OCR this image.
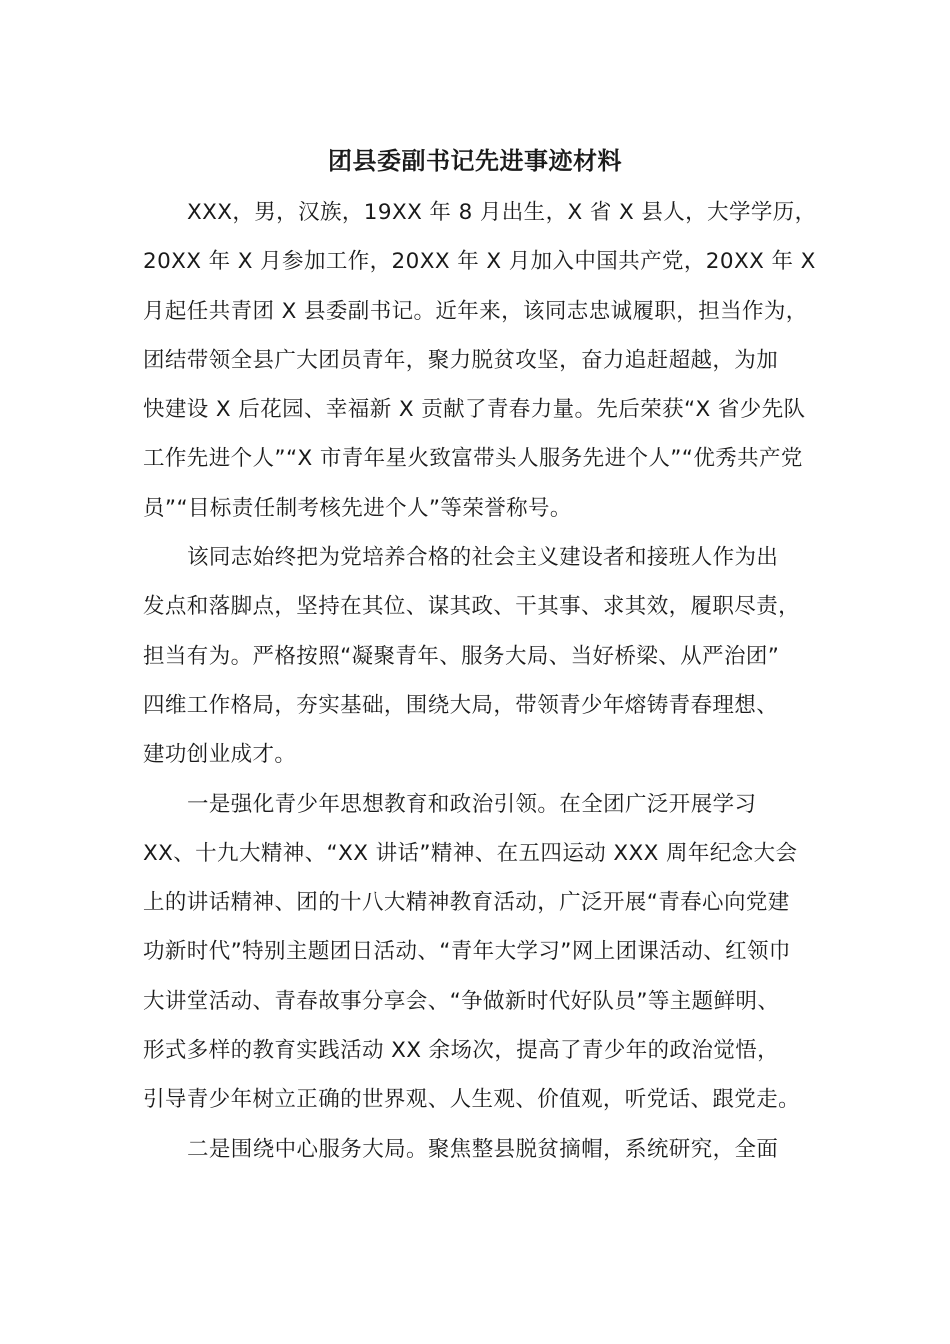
团县委副书记先进事迹材料

XXX，男，汉族，19XX 年 8 月出生，X 省 X 县人，大学学历，
20XX 年 X 月参加工作，20XX 年 X 月加入中国共产党，20XX 年 X
月起任共青团 X 县委副书记。近年来，该同志忠诚履职，担当作为，
团结带领全县广大团员青年，聚力脱贫攻坚，奋力追赶超越，为加
快建设 X 后花园、幸福新 X 贡献了青春力量。先后荣获“X 省少先队
工作先进个人”“X 市青年星火致富带头人服务先进个人”“优秀共产党
员”“目标责任制考核先进个人”等荣誉称号。

该同志始终把为党培养合格的社会主义建设者和接班人作为出
发点和落脚点，坚持在其位、谋其政、干其事、求其效，履职尽责，
担当有为。严格按照“凝聚青年、服务大局、当好桥梁、从严治团”
四维工作格局，夯实基础，围绕大局，带领青少年熔铸青春理想、
建功创业成才。

一是强化青少年思想教育和政治引领。在全团广泛开展学习
XX、十九大精神、“XX 讲话”精神、在五四运动 XXX 周年纪念大会
上的讲话精神、团的十八大精神教育活动，广泛开展“青春心向党建
功新时代”特别主题团日活动、“青年大学习”网上团课活动、红领巾
大讲堂活动、青春故事分享会、“争做新时代好队员”等主题鲜明、
形式多样的教育实践活动 XX 余场次，提高了青少年的政治觉悟，
引导青少年树立正确的世界观、人生观、价值观，听党话、跟党走。

二是围绕中心服务大局。聚焦整县脱贫摘帽，系统研究，全面
